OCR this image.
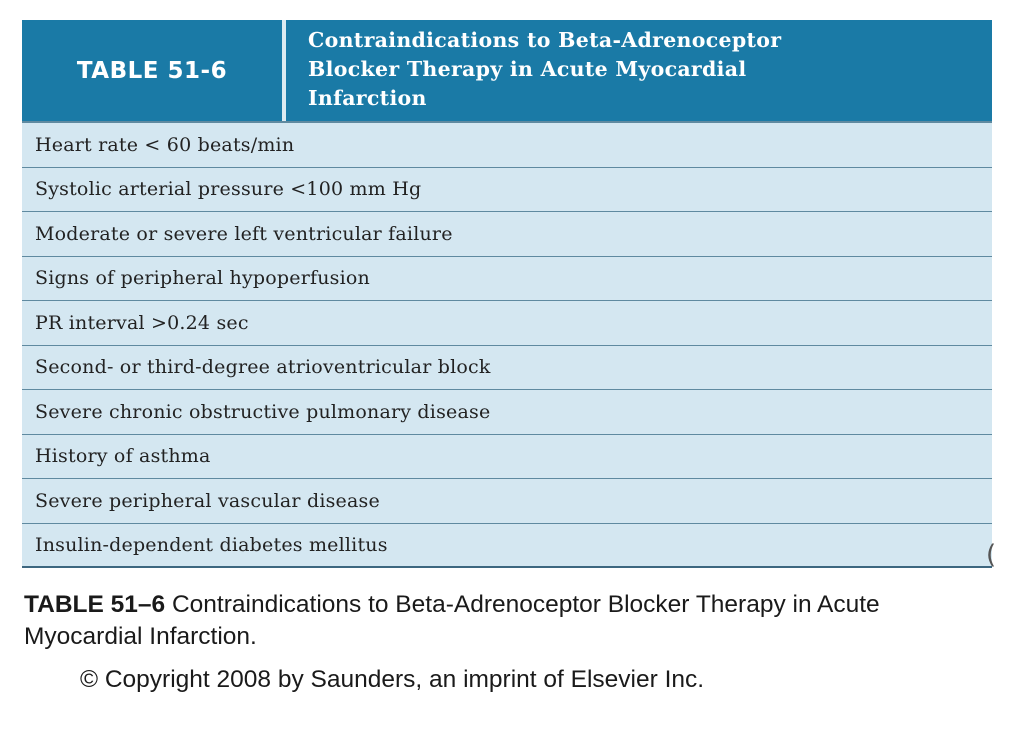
TABLE 51-6
Contraindications to Beta-Adrenoceptor
Blocker Therapy in Acute Myocardial
Infarction
Heart rate < 60 beats/min
Systolic arterial pressure <100 mm Hg
Moderate or severe left ventricular failure
Signs of peripheral hypoperfusion
PR interval >0.24 sec
Second- or third-degree atrioventricular block
Severe chronic obstructive pulmonary disease
History of asthma
Severe peripheral vascular disease
Insulin-dependent diabetes mellitus	(
TABLE 51–6 Contraindications to Beta-Adrenoceptor Blocker Therapy in Acute Myocardial Infarction.
© Copyright 2008 by Saunders, an imprint of Elsevier Inc.
